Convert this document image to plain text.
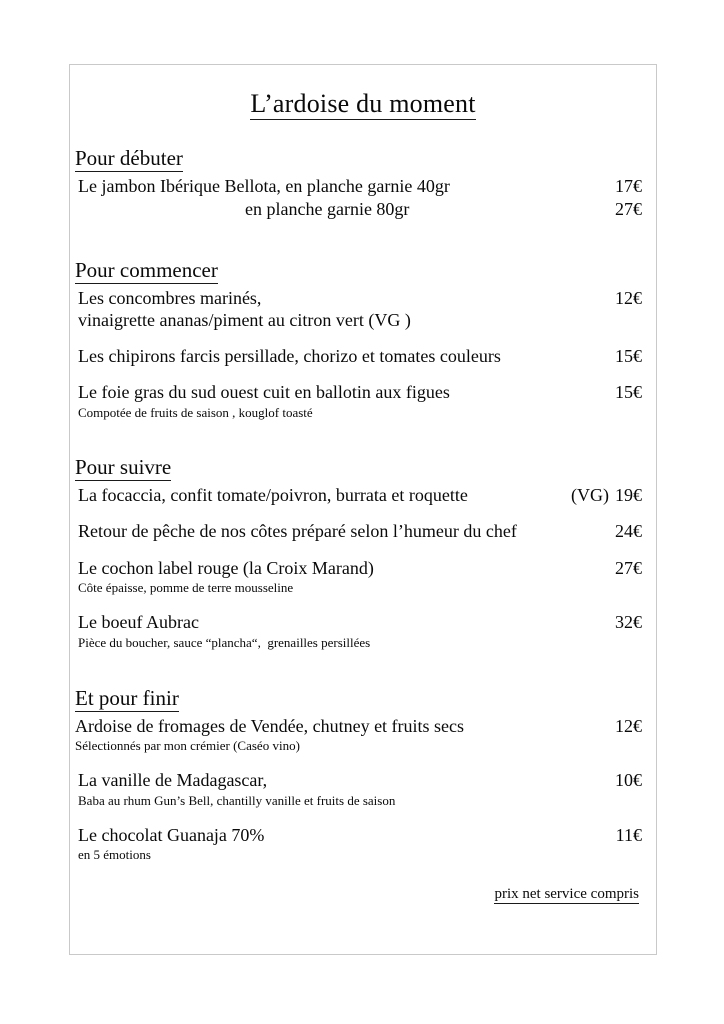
L’ardoise du moment
Pour débuter
Le jambon Ibérique Bellota, en planche garnie 40gr	17€
en planche garnie 80gr	27€
Pour commencer
Les concombres marinés,	12€
vinaigrette ananas/piment au citron vert (VG )
Les chipirons farcis persillade, chorizo et tomates couleurs	15€
Le foie gras du sud ouest cuit en ballotin aux figues	15€
Compotée de fruits de saison , kouglof toasté
Pour suivre
La focaccia, confit tomate/poivron, burrata et roquette	(VG) 19€
Retour de pêche de nos côtes préparé selon l’humeur du chef	24€
Le cochon label rouge (la Croix Marand)	27€
Côte épaisse, pomme de terre mousseline
Le boeuf Aubrac	32€
Pièce du boucher, sauce “plancha“,  grenailles persillées
Et pour finir
Ardoise de fromages de Vendée, chutney et fruits secs	12€
Sélectionnés par mon crémier (Caséo vino)
La vanille de Madagascar,	10€
Baba au rhum Gun’s Bell, chantilly vanille et fruits de saison
Le chocolat Guanaja 70%	11€
en 5 émotions
prix net service compris
